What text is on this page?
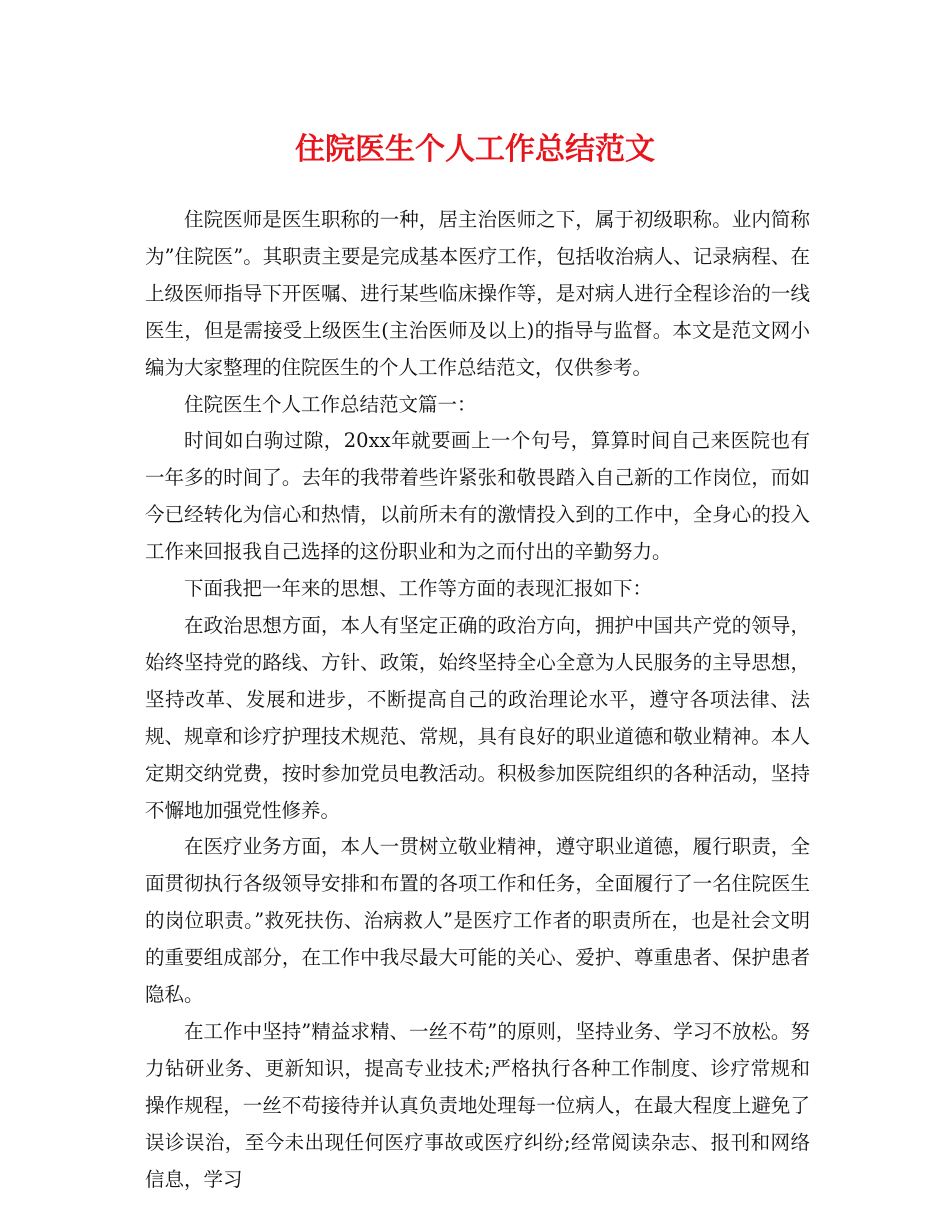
住院医生个人工作总结范文

住院医师是医生职称的一种，居主治医师之下，属于初级职称。业内简称为”住院医”。其职责主要是完成基本医疗工作，包括收治病人、记录病程、在上级医师指导下开医嘱、进行某些临床操作等，是对病人进行全程诊治的一线医生，但是需接受上级医生(主治医师及以上)的指导与监督。本文是范文网小编为大家整理的住院医生的个人工作总结范文，仅供参考。

住院医生个人工作总结范文篇一：

时间如白驹过隙，20xx年就要画上一个句号，算算时间自己来医院也有一年多的时间了。去年的我带着些许紧张和敬畏踏入自己新的工作岗位，而如今已经转化为信心和热情，以前所未有的激情投入到的工作中，全身心的投入工作来回报我自己选择的这份职业和为之而付出的辛勤努力。

下面我把一年来的思想、工作等方面的表现汇报如下：

在政治思想方面，本人有坚定正确的政治方向，拥护中国共产党的领导，始终坚持党的路线、方针、政策，始终坚持全心全意为人民服务的主导思想，坚持改革、发展和进步，不断提高自己的政治理论水平，遵守各项法律、法规、规章和诊疗护理技术规范、常规，具有良好的职业道德和敬业精神。本人定期交纳党费，按时参加党员电教活动。积极参加医院组织的各种活动，坚持不懈地加强党性修养。

在医疗业务方面，本人一贯树立敬业精神，遵守职业道德，履行职责，全面贯彻执行各级领导安排和布置的各项工作和任务，全面履行了一名住院医生的岗位职责。”救死扶伤、治病救人”是医疗工作者的职责所在，也是社会文明的重要组成部分，在工作中我尽最大可能的关心、爱护、尊重患者、保护患者隐私。

在工作中坚持”精益求精、一丝不苟”的原则，坚持业务、学习不放松。努力钻研业务、更新知识，提高专业技术;严格执行各种工作制度、诊疗常规和操作规程，一丝不苟接待并认真负责地处理每一位病人，在最大程度上避免了误诊误治，至今未出现任何医疗事故或医疗纠纷;经常阅读杂志、报刊和网络信息，学习
